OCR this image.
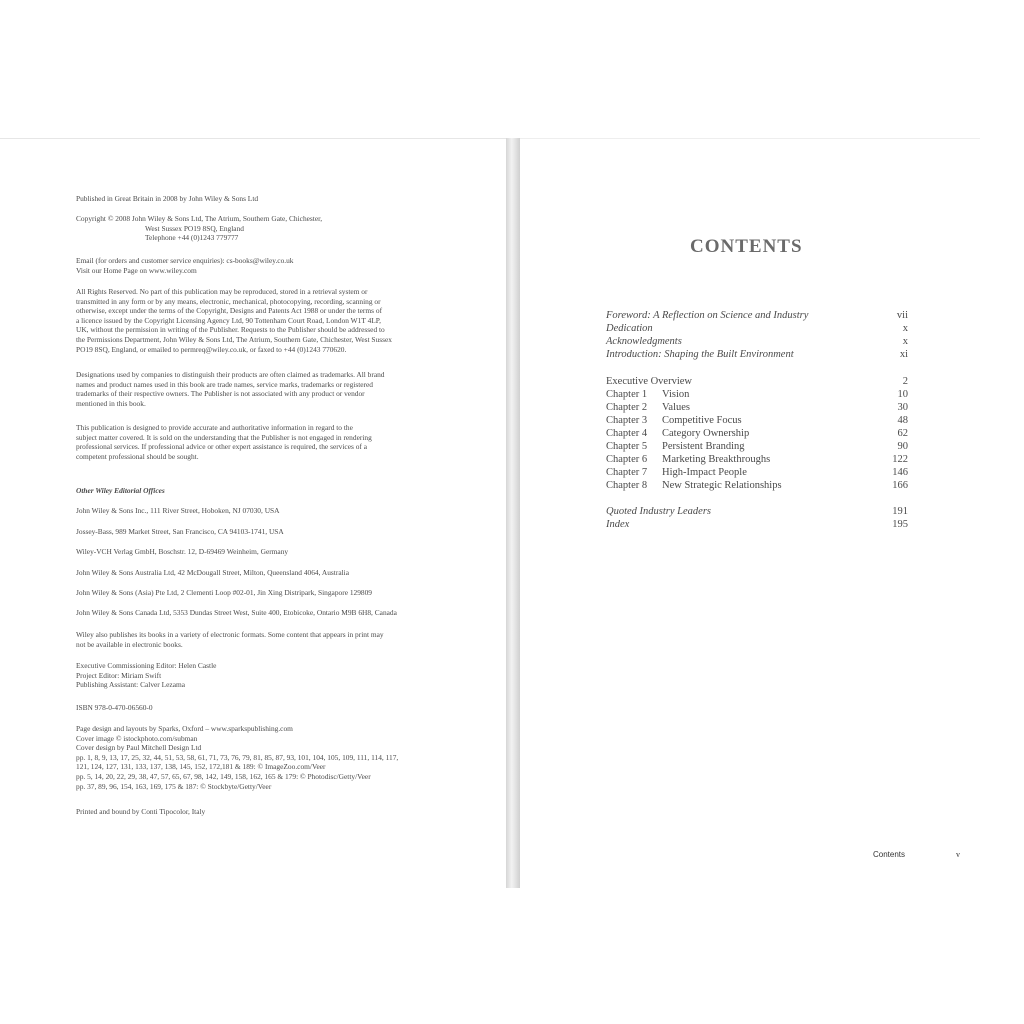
Published in Great Britain in 2008 by John Wiley & Sons Ltd

Copyright © 2008 John Wiley & Sons Ltd, The Atrium, Southern Gate, Chichester,

West Sussex PO19 8SQ, England

Telephone +44 (0)1243 779777

Email (for orders and customer service enquiries): cs-books@wiley.co.uk

Visit our Home Page on www.wiley.com

All Rights Reserved. No part of this publication may be reproduced, stored in a retrieval system or

transmitted in any form or by any means, electronic, mechanical, photocopying, recording, scanning or

otherwise, except under the terms of the Copyright, Designs and Patents Act 1988 or under the terms of

a licence issued by the Copyright Licensing Agency Ltd, 90 Tottenham Court Road, London W1T 4LP,

UK, without the permission in writing of the Publisher. Requests to the Publisher should be addressed to

the Permissions Department, John Wiley & Sons Ltd, The Atrium, Southern Gate, Chichester, West Sussex

PO19 8SQ, England, or emailed to permreq@wiley.co.uk, or faxed to +44 (0)1243 770620.

Designations used by companies to distinguish their products are often claimed as trademarks. All brand

names and product names used in this book are trade names, service marks, trademarks or registered

trademarks of their respective owners. The Publisher is not associated with any product or vendor

mentioned in this book.

This publication is designed to provide accurate and authoritative information in regard to the

subject matter covered. It is sold on the understanding that the Publisher is not engaged in rendering

professional services. If professional advice or other expert assistance is required, the services of a

competent professional should be sought.

Other Wiley Editorial Offices
John Wiley & Sons Inc., 111 River Street, Hoboken, NJ 07030, USA
Jossey-Bass, 989 Market Street, San Francisco, CA 94103-1741, USA
Wiley-VCH Verlag GmbH, Boschstr. 12, D-69469 Weinheim, Germany
John Wiley & Sons Australia Ltd, 42 McDougall Street, Milton, Queensland 4064, Australia
John Wiley & Sons (Asia) Pte Ltd, 2 Clementi Loop #02-01, Jin Xing Distripark, Singapore 129809
John Wiley & Sons Canada Ltd, 5353 Dundas Street West, Suite 400, Etobicoke, Ontario M9B 6H8, Canada

Wiley also publishes its books in a variety of electronic formats. Some content that appears in print may

not be available in electronic books.

Executive Commissioning Editor: Helen Castle

Project Editor: Miriam Swift

Publishing Assistant: Calver Lezama

ISBN 978-0-470-06560-0

Page design and layouts by Sparks, Oxford – www.sparkspublishing.com

Cover image © istockphoto.com/subman

Cover design by Paul Mitchell Design Ltd

pp. 1, 8, 9, 13, 17, 25, 32, 44, 51, 53, 58, 61, 71, 73, 76, 79, 81, 85, 87, 93, 101, 104, 105, 109, 111, 114, 117,

121, 124, 127, 131, 133, 137, 138, 145, 152, 172,181 & 189: © ImageZoo.com/Veer

pp. 5, 14, 20, 22, 29, 38, 47, 57, 65, 67, 98, 142, 149, 158, 162, 165 & 179: © Photodisc/Getty/Veer

pp. 37, 89, 96, 154, 163, 169, 175 & 187: © Stockbyte/Getty/Veer

Printed and bound by Conti Tipocolor, Italy
CONTENTS
Foreword: A Reflection on Science and Industry	vii
Dedication	x
Acknowledgments	x
Introduction: Shaping the Built Environment	xi
Executive Overview	2
Chapter 1 Vision	10
Chapter 2 Values	30
Chapter 3 Competitive Focus	48
Chapter 4 Category Ownership	62
Chapter 5 Persistent Branding	90
Chapter 6 Marketing Breakthroughs	122
Chapter 7 High-Impact People	146
Chapter 8 New Strategic Relationships	166
Quoted Industry Leaders	191
Index	195
Contents	v
